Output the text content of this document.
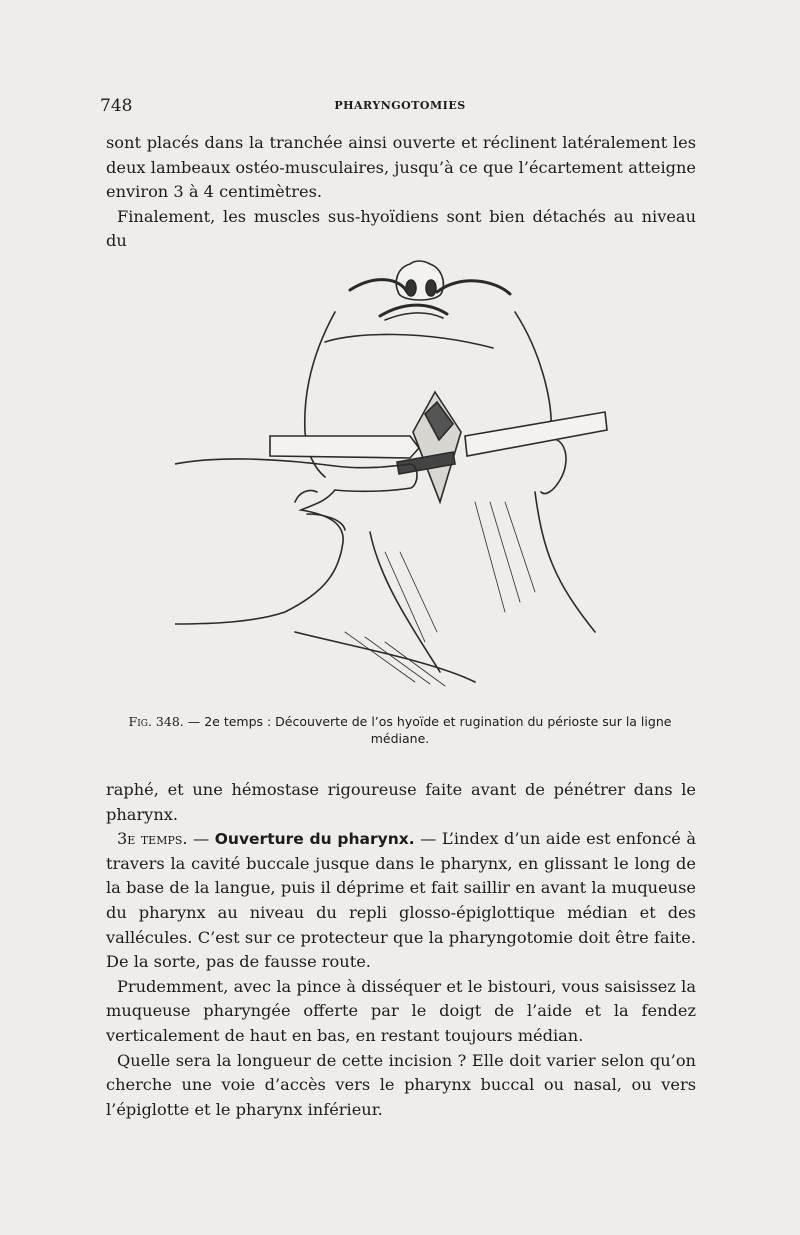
748	PHARYNGOTOMIES

sont placés dans la tranchée ainsi ouverte et réclinent latéralement les deux lambeaux ostéo-musculaires, jusqu’à ce que l’écartement atteigne environ 3 à 4 centimètres.

Finalement, les muscles sus-hyoïdiens sont bien détachés au niveau du

Fig. 348. — 2e temps : Découverte de l’os hyoïde et rugination du périoste sur la ligne médiane.

raphé, et une hémostase rigoureuse faite avant de pénétrer dans le pharynx.

3e temps. — Ouverture du pharynx. — L’index d’un aide est enfoncé à travers la cavité buccale jusque dans le pharynx, en glissant le long de la base de la langue, puis il déprime et fait saillir en avant la muqueuse du pharynx au niveau du repli glosso-épiglottique médian et des vallécules. C’est sur ce protecteur que la pharyngotomie doit être faite. De la sorte, pas de fausse route.

Prudemment, avec la pince à disséquer et le bistouri, vous saisissez la muqueuse pharyngée offerte par le doigt de l’aide et la fendez verticalement de haut en bas, en restant toujours médian.

Quelle sera la longueur de cette incision ? Elle doit varier selon qu’on cherche une voie d’accès vers le pharynx buccal ou nasal, ou vers l’épiglotte et le pharynx inférieur.
